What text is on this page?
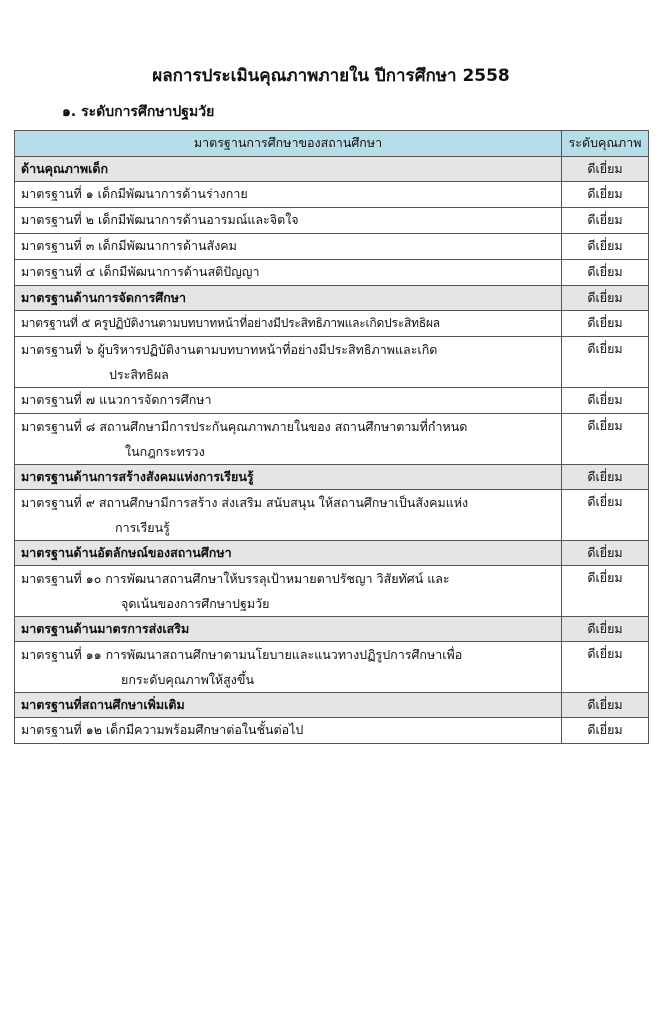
ผลการประเมินคุณภาพภายใน ปีการศึกษา 2558
๑. ระดับการศึกษาปฐมวัย
มาตรฐานการศึกษาของสถานศึกษา	ระดับคุณภาพ
ด้านคุณภาพเด็ก	ดีเยี่ยม
มาตรฐานที่ ๑ เด็กมีพัฒนาการด้านร่างกาย	ดีเยี่ยม
มาตรฐานที่ ๒ เด็กมีพัฒนาการด้านอารมณ์และจิตใจ	ดีเยี่ยม
มาตรฐานที่ ๓ เด็กมีพัฒนาการด้านสังคม	ดีเยี่ยม
มาตรฐานที่ ๔ เด็กมีพัฒนาการด้านสติปัญญา	ดีเยี่ยม
มาตรฐานด้านการจัดการศึกษา	ดีเยี่ยม
มาตรฐานที่ ๕ ครูปฏิบัติงานตามบทบาทหน้าที่อย่างมีประสิทธิภาพและเกิดประสิทธิผล	ดีเยี่ยม

มาตรฐานที่ ๖ ผู้บริหารปฏิบัติงานตามบทบาทหน้าที่อย่างมีประสิทธิภาพและเกิด
ประสิทธิผล	ดีเยี่ยม
มาตรฐานที่ ๗ แนวการจัดการศึกษา	ดีเยี่ยม

มาตรฐานที่ ๘ สถานศึกษามีการประกันคุณภาพภายในของ สถานศึกษาตามที่กำหนด
ในกฎกระทรวง	ดีเยี่ยม
มาตรฐานด้านการสร้างสังคมแห่งการเรียนรู้	ดีเยี่ยม

มาตรฐานที่ ๙ สถานศึกษามีการสร้าง ส่งเสริม สนับสนุน ให้สถานศึกษาเป็นสังคมแห่ง
การเรียนรู้	ดีเยี่ยม
มาตรฐานด้านอัตลักษณ์ของสถานศึกษา	ดีเยี่ยม

มาตรฐานที่ ๑๐ การพัฒนาสถานศึกษาให้บรรลุเป้าหมายตาปรัชญา วิสัยทัศน์ และ
จุดเน้นของการศึกษาปฐมวัย	ดีเยี่ยม
มาตรฐานด้านมาตรการส่งเสริม	ดีเยี่ยม

มาตรฐานที่ ๑๑ การพัฒนาสถานศึกษาตามนโยบายและแนวทางปฏิรูปการศึกษาเพื่อ
ยกระดับคุณภาพให้สูงขึ้น	ดีเยี่ยม
มาตรฐานที่สถานศึกษาเพิ่มเติม	ดีเยี่ยม
มาตรฐานที่ ๑๒ เด็กมีความพร้อมศึกษาต่อในชั้นต่อไป	ดีเยี่ยม
